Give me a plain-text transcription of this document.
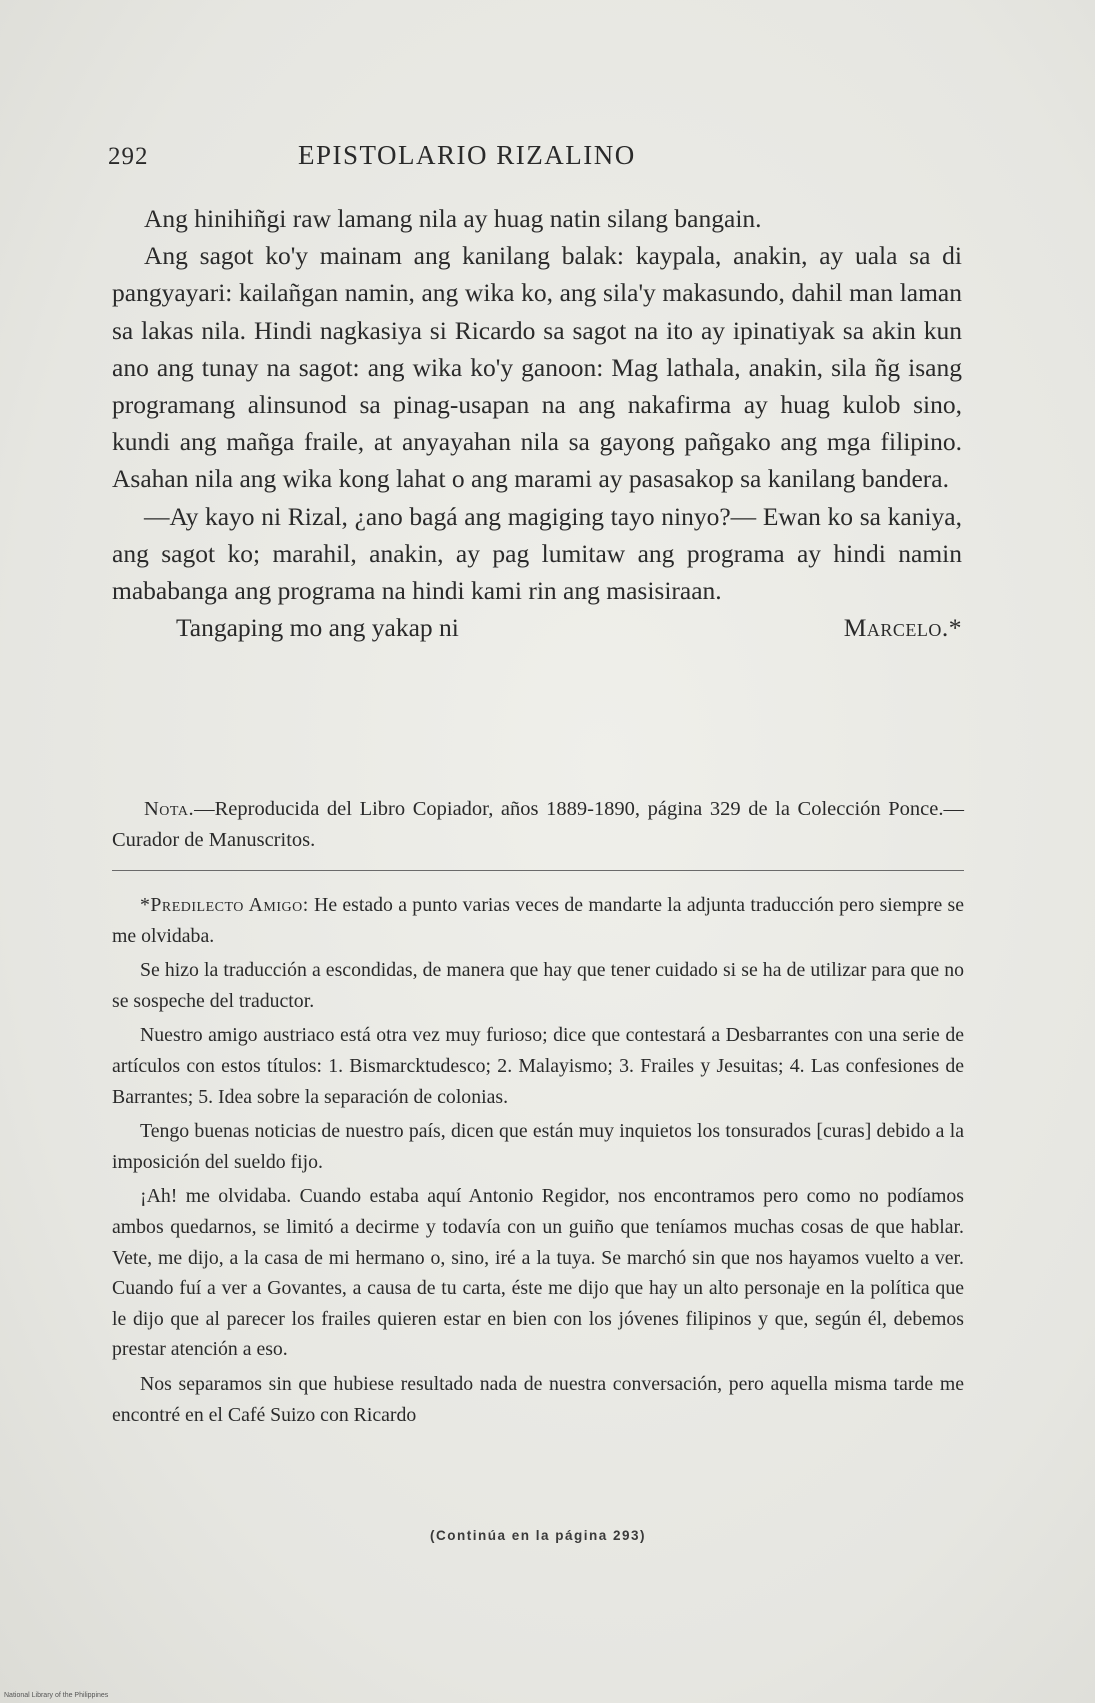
292	EPISTOLARIO RIZALINO

Ang hinihiñgi raw lamang nila ay huag natin silang bangain.

Ang sagot ko'y mainam ang kanilang balak: kaypala, anakin, ay uala sa di pangyayari: kailañgan namin, ang wika ko, ang sila'y makasundo, dahil man laman sa lakas nila. Hindi nagkasiya si Ricardo sa sagot na ito ay ipinatiyak sa akin kun ano ang tunay na sagot: ang wika ko'y ganoon: Mag lathala, anakin, sila ñg isang programang alinsunod sa pinag-usapan na ang nakafirma ay huag kulob sino, kundi ang mañga fraile, at anyayahan nila sa gayong pañgako ang mga filipino. Asahan nila ang wika kong lahat o ang marami ay pasasakop sa kanilang bandera.

—Ay kayo ni Rizal, ¿ano bagá ang magiging tayo ninyo?— Ewan ko sa kaniya, ang sagot ko; marahil, anakin, ay pag lumitaw ang programa ay hindi namin mababanga ang programa na hindi kami rin ang masisiraan.

Tangaping mo ang yakap ni	Marcelo.*

Nota.—Reproducida del Libro Copiador, años 1889-1890, página 329 de la Colección Ponce.—Curador de Manuscritos.

*Predilecto Amigo: He estado a punto varias veces de mandarte la adjunta traducción pero siempre se me olvidaba.

Se hizo la traducción a escondidas, de manera que hay que tener cuidado si se ha de utilizar para que no se sospeche del traductor.

Nuestro amigo austriaco está otra vez muy furioso; dice que contestará a Desbarrantes con una serie de artículos con estos títulos: 1. Bismarcktudesco; 2. Malayismo; 3. Frailes y Jesuitas; 4. Las confesiones de Barrantes; 5. Idea sobre la separación de colonias.

Tengo buenas noticias de nuestro país, dicen que están muy inquietos los tonsurados [curas] debido a la imposición del sueldo fijo.

¡Ah! me olvidaba. Cuando estaba aquí Antonio Regidor, nos encontramos pero como no podíamos ambos quedarnos, se limitó a decirme y todavía con un guiño que teníamos muchas cosas de que hablar. Vete, me dijo, a la casa de mi hermano o, sino, iré a la tuya. Se marchó sin que nos hayamos vuelto a ver. Cuando fuí a ver a Govantes, a causa de tu carta, éste me dijo que hay un alto personaje en la política que le dijo que al parecer los frailes quieren estar en bien con los jóvenes filipinos y que, según él, debemos prestar atención a eso.

Nos separamos sin que hubiese resultado nada de nuestra conversación, pero aquella misma tarde me encontré en el Café Suizo con Ricardo

(Continúa en la página 293)
National Library of the Philippines
